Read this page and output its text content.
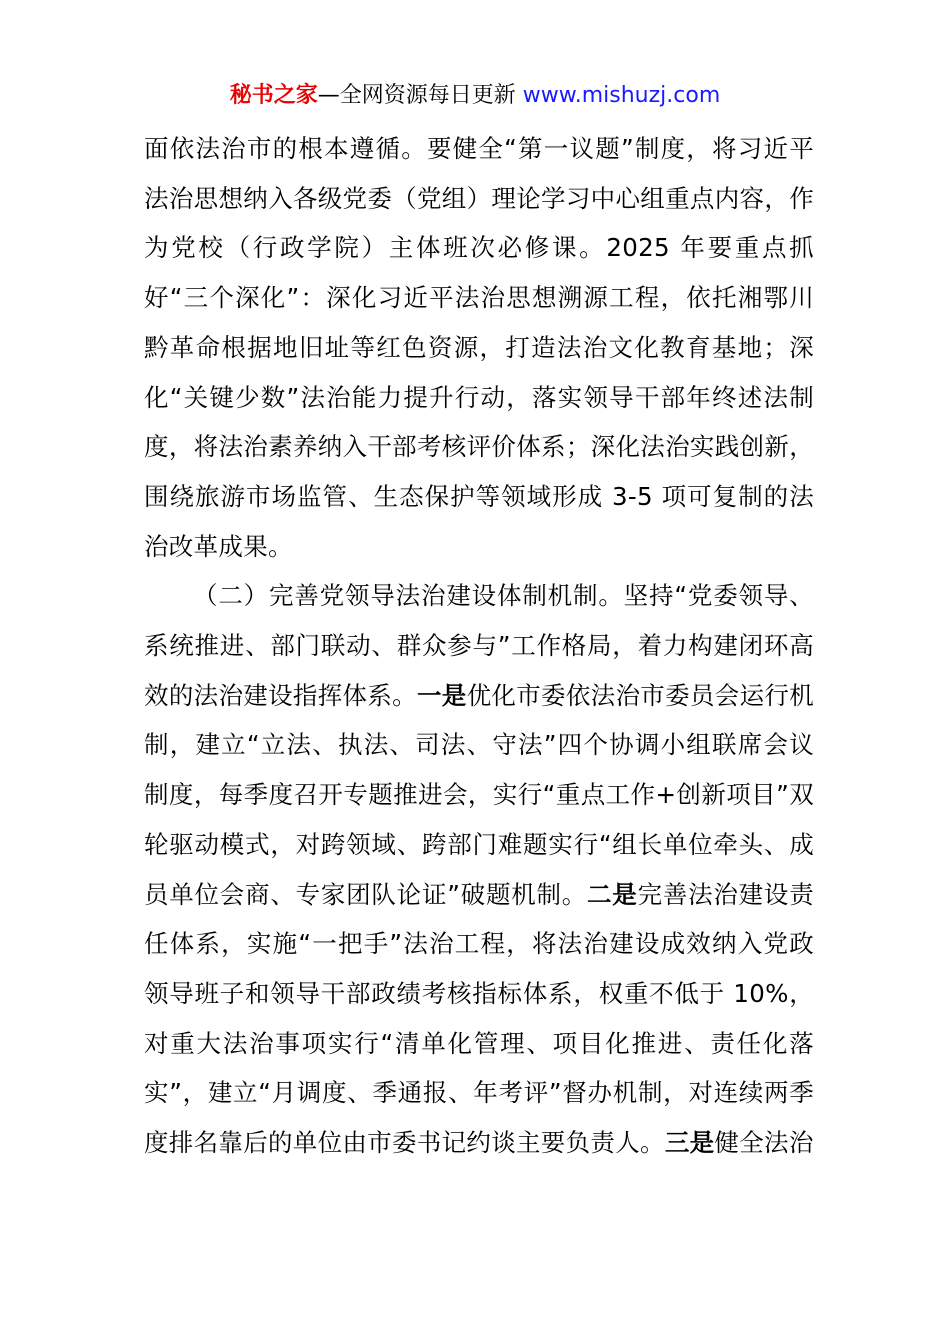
秘书之家—全网资源每日更新 www.mishuzj.com

面依法治市的根本遵循。要健全“第一议题”制度，将习近平法治思想纳入各级党委（党组）理论学习中心组重点内容，作为党校（行政学院）主体班次必修课。2025 年要重点抓好“三个深化”：深化习近平法治思想溯源工程，依托湘鄂川黔革命根据地旧址等红色资源，打造法治文化教育基地；深化“关键少数”法治能力提升行动，落实领导干部年终述法制度，将法治素养纳入干部考核评价体系；深化法治实践创新，围绕旅游市场监管、生态保护等领域形成 3-5 项可复制的法治改革成果。

（二）完善党领导法治建设体制机制。坚持“党委领导、系统推进、部门联动、群众参与”工作格局，着力构建闭环高效的法治建设指挥体系。一是优化市委依法治市委员会运行机制，建立“立法、执法、司法、守法”四个协调小组联席会议制度，每季度召开专题推进会，实行“重点工作+创新项目”双轮驱动模式，对跨领域、跨部门难题实行“组长单位牵头、成员单位会商、专家团队论证”破题机制。二是完善法治建设责任体系，实施“一把手”法治工程，将法治建设成效纳入党政领导班子和领导干部政绩考核指标体系，权重不低于 10%，对重大法治事项实行“清单化管理、项目化推进、责任化落实”，建立“月调度、季通报、年考评”督办机制，对连续两季度排名靠后的单位由市委书记约谈主要负责人。三是健全法治
